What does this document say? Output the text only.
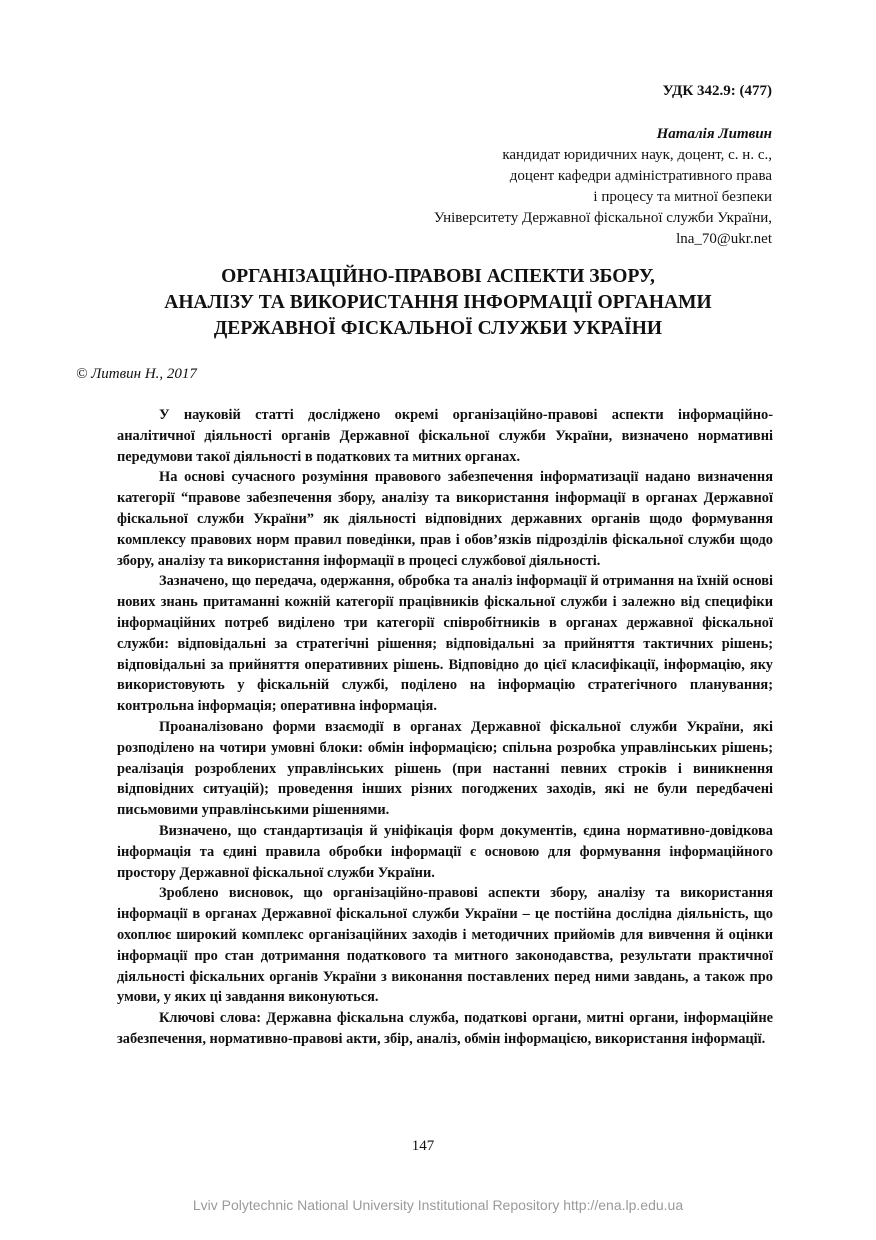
УДК 342.9: (477)
Наталія Литвин
кандидат юридичних наук, доцент, с. н. с.,
доцент кафедри адміністративного права
і процесу та митної безпеки
Університету Державної фіскальної служби України,
lna_70@ukr.net
ОРГАНІЗАЦІЙНО-ПРАВОВІ АСПЕКТИ ЗБОРУ,
АНАЛІЗУ ТА ВИКОРИСТАННЯ ІНФОРМАЦІЇ ОРГАНАМИ
ДЕРЖАВНОЇ ФІСКАЛЬНОЇ СЛУЖБИ УКРАЇНИ
© Литвин Н., 2017

У науковій статті досліджено окремі організаційно-правові аспекти інформаційно-аналітичної діяльності органів Державної фіскальної служби України, визначено нормативні передумови такої діяльності в податкових та митних органах.

На основі сучасного розуміння правового забезпечення інформатизації надано визначення категорії “правове забезпечення збору, аналізу та використання інформації в органах Державної фіскальної служби України” як діяльності відповідних державних органів щодо формування комплексу правових норм правил поведінки, прав і обов’язків підрозділів фіскальної служби щодо збору, аналізу та використання інформації в процесі службової діяльності.

Зазначено, що передача, одержання, обробка та аналіз інформації й отримання на їхній основі нових знань притаманні кожній категорії працівників фіскальної служби і залежно від специфіки інформаційних потреб виділено три категорії співробітників в органах державної фіскальної служби: відповідальні за стратегічні рішення; відповідальні за прийняття тактичних рішень; відповідальні за прийняття оперативних рішень. Відповідно до цієї класифікації, інформацію, яку використовують у фіскальній службі, поділено на інформацію стратегічного планування; контрольна інформація; оперативна інформація.

Проаналізовано форми взаємодії в органах Державної фіскальної служби України, які розподілено на чотири умовні блоки: обмін інформацією; спільна розробка управлінських рішень; реалізація розроблених управлінських рішень (при настанні певних строків і виникнення відповідних ситуацій); проведення інших різних погоджених заходів, які не були передбачені письмовими управлінськими рішеннями.

Визначено, що стандартизація й уніфікація форм документів, єдина нормативно-довідкова інформація та єдині правила обробки інформації є основою для формування інформаційного простору Державної фіскальної служби України.

Зроблено висновок, що організаційно-правові аспекти збору, аналізу та використання інформації в органах Державної фіскальної служби України – це постійна дослідна діяльність, що охоплює широкий комплекс організаційних заходів і методичних прийомів для вивчення й оцінки інформації про стан дотримання податкового та митного законодавства, результати практичної діяльності фіскальних органів України з виконання поставлених перед ними завдань, а також про умови, у яких ці завдання виконуються.

Ключові слова: Державна фіскальна служба, податкові органи, митні органи, інформаційне забезпечення, нормативно-правові акти, збір, аналіз, обмін інформацією, використання інформації.

147
Lviv Polytechnic National University Institutional Repository http://ena.lp.edu.ua
